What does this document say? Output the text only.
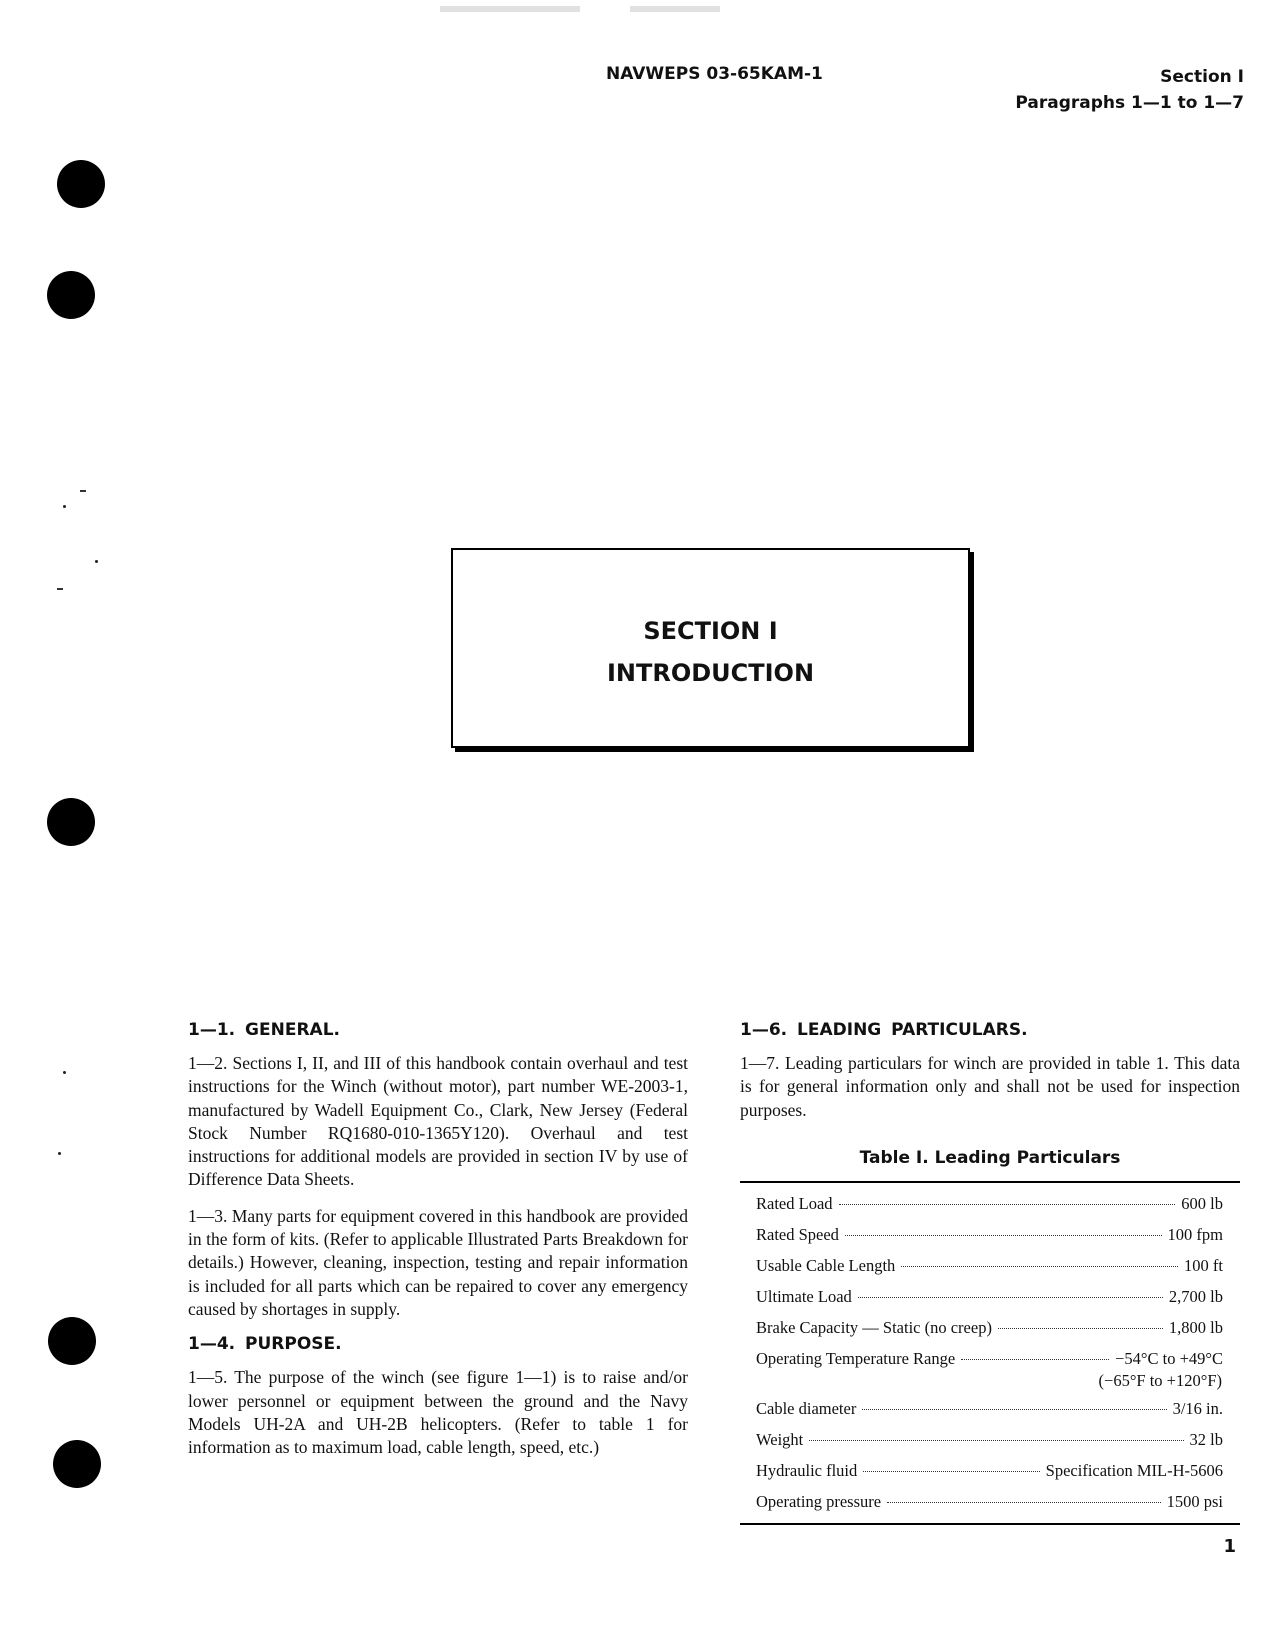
NAVWEPS 03-65KAM-1	Section I
Paragraphs 1—1 to 1—7
SECTION I
INTRODUCTION
1—1. GENERAL.

1—2. Sections I, II, and III of this handbook contain overhaul and test instructions for the Winch (without motor), part number WE-2003-1, manufactured by Wadell Equipment Co., Clark, New Jersey (Federal Stock Number RQ1680-010-1365Y120). Overhaul and test instructions for additional models are provided in section IV by use of Difference Data Sheets.

1—3. Many parts for equipment covered in this handbook are provided in the form of kits. (Refer to applicable Illustrated Parts Breakdown for details.) However, cleaning, inspection, testing and repair information is included for all parts which can be repaired to cover any emergency caused by shortages in supply.

1—4. PURPOSE.

1—5. The purpose of the winch (see figure 1—1) is to raise and/or lower personnel or equipment between the ground and the Navy Models UH-2A and UH-2B helicopters. (Refer to table 1 for information as to maximum load, cable length, speed, etc.)

1—6. LEADING PARTICULARS.

1—7. Leading particulars for winch are provided in table 1. This data is for general information only and shall not be used for inspection purposes.

Table I. Leading Particulars
Rated Load	600 lb
Rated Speed	100 fpm
Usable Cable Length	100 ft
Ultimate Load	2,700 lb
Brake Capacity — Static (no creep)	1,800 lb
Operating Temperature Range	−54°C to +49°C
(−65°F to +120°F)
Cable diameter	3/16 in.
Weight	32 lb
Hydraulic fluid	Specification MIL-H-5606
Operating pressure	1500 psi
1
